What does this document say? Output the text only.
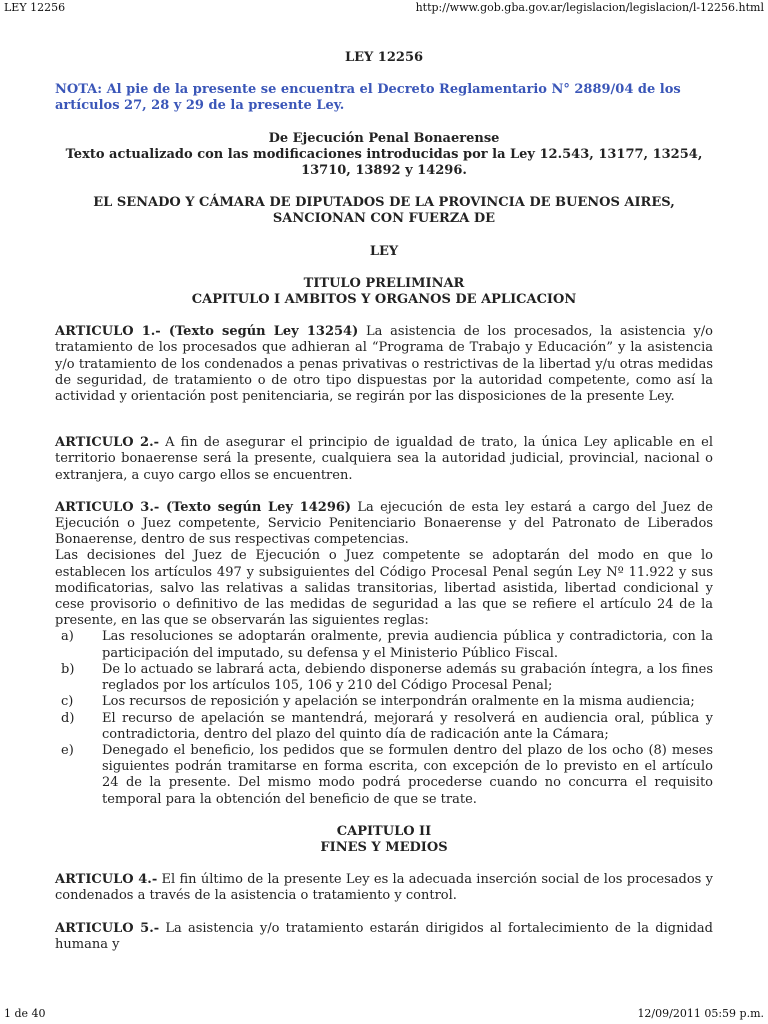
LEY 12256	http://www.gob.gba.gov.ar/legislacion/legislacion/l-12256.html
LEY 12256
NOTA: Al pie de la presente se encuentra el Decreto Reglamentario N° 2889/04 de los artículos 27, 28 y 29 de la presente Ley.
De Ejecución Penal Bonaerense
Texto actualizado con las modificaciones introducidas por la Ley 12.543, 13177, 13254, 13710, 13892 y 14296.
EL SENADO Y CÁMARA DE DIPUTADOS DE LA PROVINCIA DE BUENOS AIRES, SANCIONAN CON FUERZA DE
LEY
TITULO PRELIMINAR
CAPITULO I AMBITOS Y ORGANOS DE APLICACION

ARTICULO 1.- (Texto según Ley 13254) La asistencia de los procesados, la asistencia y/o tratamiento de los procesados que adhieran al “Programa de Trabajo y Educación” y la asistencia y/o tratamiento de los condenados a penas privativas o restrictivas de la libertad y/u otras medidas de seguridad, de tratamiento o de otro tipo dispuestas por la autoridad competente, como así la actividad y orientación post penitenciaria, se regirán por las disposiciones de la presente Ley.

ARTICULO 2.- A fin de asegurar el principio de igualdad de trato, la única Ley aplicable en el territorio bonaerense será la presente, cualquiera sea la autoridad judicial, provincial, nacional o extranjera, a cuyo cargo ellos se encuentren.

ARTICULO 3.- (Texto según Ley 14296) La ejecución de esta ley estará a cargo del Juez de Ejecución o Juez competente, Servicio Penitenciario Bonaerense y del Patronato de Liberados Bonaerense, dentro de sus respectivas competencias.
Las decisiones del Juez de Ejecución o Juez competente se adoptarán del modo en que lo establecen los artículos 497 y subsiguientes del Código Procesal Penal según Ley Nº 11.922 y sus modificatorias, salvo las relativas a salidas transitorias, libertad asistida, libertad condicional y cese provisorio o definitivo de las medidas de seguridad a las que se refiere el artículo 24 de la presente, en las que se observarán las siguientes reglas:
a) Las resoluciones se adoptarán oralmente, previa audiencia pública y contradictoria, con la participación del imputado, su defensa y el Ministerio Público Fiscal.
b) De lo actuado se labrará acta, debiendo disponerse además su grabación íntegra, a los fines reglados por los artículos 105, 106 y 210 del Código Procesal Penal;
c) Los recursos de reposición y apelación se interpondrán oralmente en la misma audiencia;
d) El recurso de apelación se mantendrá, mejorará y resolverá en audiencia oral, pública y contradictoria, dentro del plazo del quinto día de radicación ante la Cámara;
e) Denegado el beneficio, los pedidos que se formulen dentro del plazo de los ocho (8) meses siguientes podrán tramitarse en forma escrita, con excepción de lo previsto en el artículo 24 de la presente. Del mismo modo podrá procederse cuando no concurra el requisito temporal para la obtención del beneficio de que se trate.
CAPITULO II
FINES Y MEDIOS

ARTICULO 4.- El fin último de la presente Ley es la adecuada inserción social de los procesados y condenados a través de la asistencia o tratamiento y control.

ARTICULO 5.- La asistencia y/o tratamiento estarán dirigidos al fortalecimiento de la dignidad humana y

1 de 40	12/09/2011 05:59 p.m.
